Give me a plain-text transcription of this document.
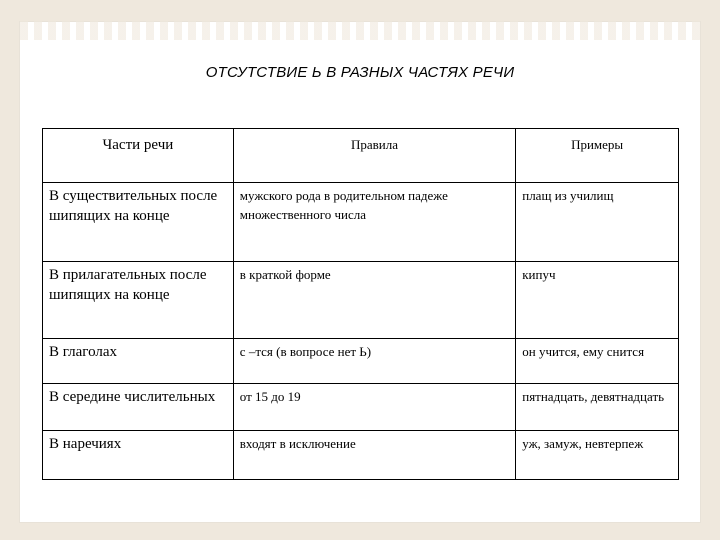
ОТСУТСТВИЕ Ь В РАЗНЫХ ЧАСТЯХ РЕЧИ
Части речи	Правила	Примеры
В существительных после шипящих на конце	мужского рода в родительном падеже множественного числа	плащ из училищ
В прилагательных после шипящих на конце	в краткой форме	кипуч
В глаголах	с –тся (в вопросе нет Ь)	он учится, ему снится
В середине числительных	от 15 до 19	пятнадцать, девятнадцать
В наречиях	входят в исключение	уж, замуж, невтерпеж
